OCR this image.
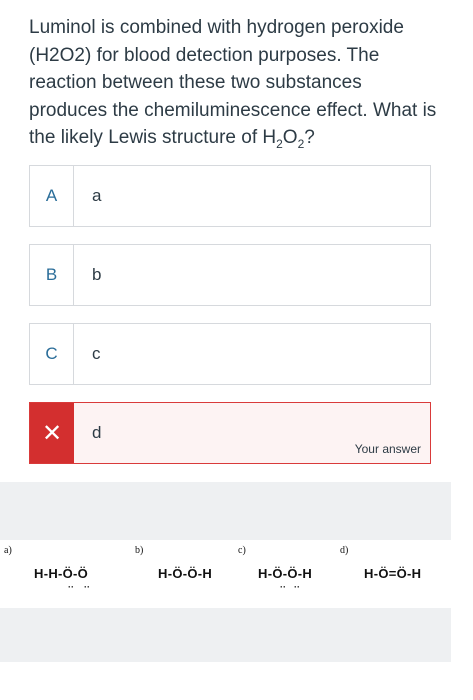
Luminol is combined with hydrogen peroxide (H2O2) for blood detection purposes. The reaction between these two substances produces the chemiluminescence effect. What is the likely Lewis structure of $H_2O_2$?
A	a
B	b
C	c
✕	d
Your answer
a)	b)	c)	d)
H-H-Ö-Ö	H-Ö-Ö-H	H-Ö-Ö-H	H-Ö=Ö-H
·· ··	·· ··
